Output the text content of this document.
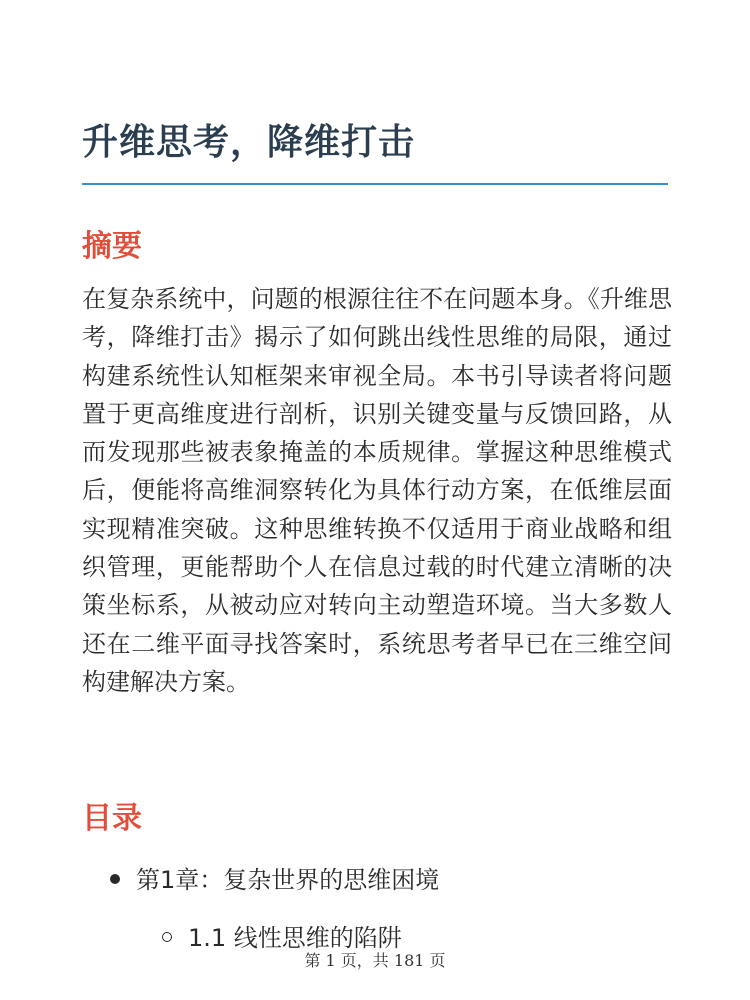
升维思考，降维打击
摘要

在复杂系统中，问题的根源往往不在问题本身。《升维思考，降维打击》揭示了如何跳出线性思维的局限，通过构建系统性认知框架来审视全局。本书引导读者将问题置于更高维度进行剖析，识别关键变量与反馈回路，从而发现那些被表象掩盖的本质规律。掌握这种思维模式后，便能将高维洞察转化为具体行动方案，在低维层面实现精准突破。这种思维转换不仅适用于商业战略和组织管理，更能帮助个人在信息过载的时代建立清晰的决策坐标系，从被动应对转向主动塑造环境。当大多数人还在二维平面寻找答案时，系统思考者早已在三维空间构建解决方案。

目录
第1章：复杂世界的思维困境
1.1 线性思维的陷阱
第 1 页，共 181 页
